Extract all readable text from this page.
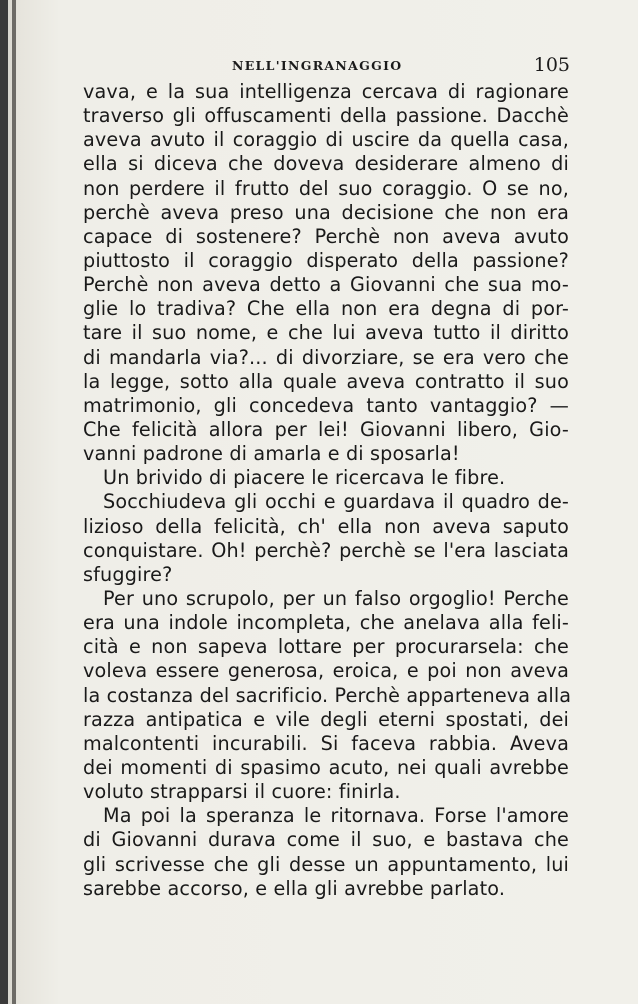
NELL'INGRANAGGIO	105
vava, e la sua intelligenza cercava di ragionare
traverso gli offuscamenti della passione. Dacchè
aveva avuto il coraggio di uscire da quella casa,
ella si diceva che doveva desiderare almeno di
non perdere il frutto del suo coraggio. O se no,
perchè aveva preso una decisione che non era
capace di sostenere? Perchè non aveva avuto
piuttosto il coraggio disperato della passione?
Perchè non aveva detto a Giovanni che sua mo-
glie lo tradiva? Che ella non era degna di por-
tare il suo nome, e che lui aveva tutto il diritto
di mandarla via?... di divorziare, se era vero che
la legge, sotto alla quale aveva contratto il suo
matrimonio, gli concedeva tanto vantaggio? —
Che felicità allora per lei! Giovanni libero, Gio-
vanni padrone di amarla e di sposarla!
Un brivido di piacere le ricercava le fibre.
Socchiudeva gli occhi e guardava il quadro de-
lizioso della felicità, ch' ella non aveva saputo
conquistare. Oh! perchè? perchè se l'era lasciata
sfuggire?
Per uno scrupolo, per un falso orgoglio! Perche
era una indole incompleta, che anelava alla feli-
cità e non sapeva lottare per procurarsela: che
voleva essere generosa, eroica, e poi non aveva
la costanza del sacrificio. Perchè apparteneva alla
razza antipatica e vile degli eterni spostati, dei
malcontenti incurabili. Si faceva rabbia. Aveva
dei momenti di spasimo acuto, nei quali avrebbe
voluto strapparsi il cuore: finirla.
Ma poi la speranza le ritornava. Forse l'amore
di Giovanni durava come il suo, e bastava che
gli scrivesse che gli desse un appuntamento, lui
sarebbe accorso, e ella gli avrebbe parlato.
